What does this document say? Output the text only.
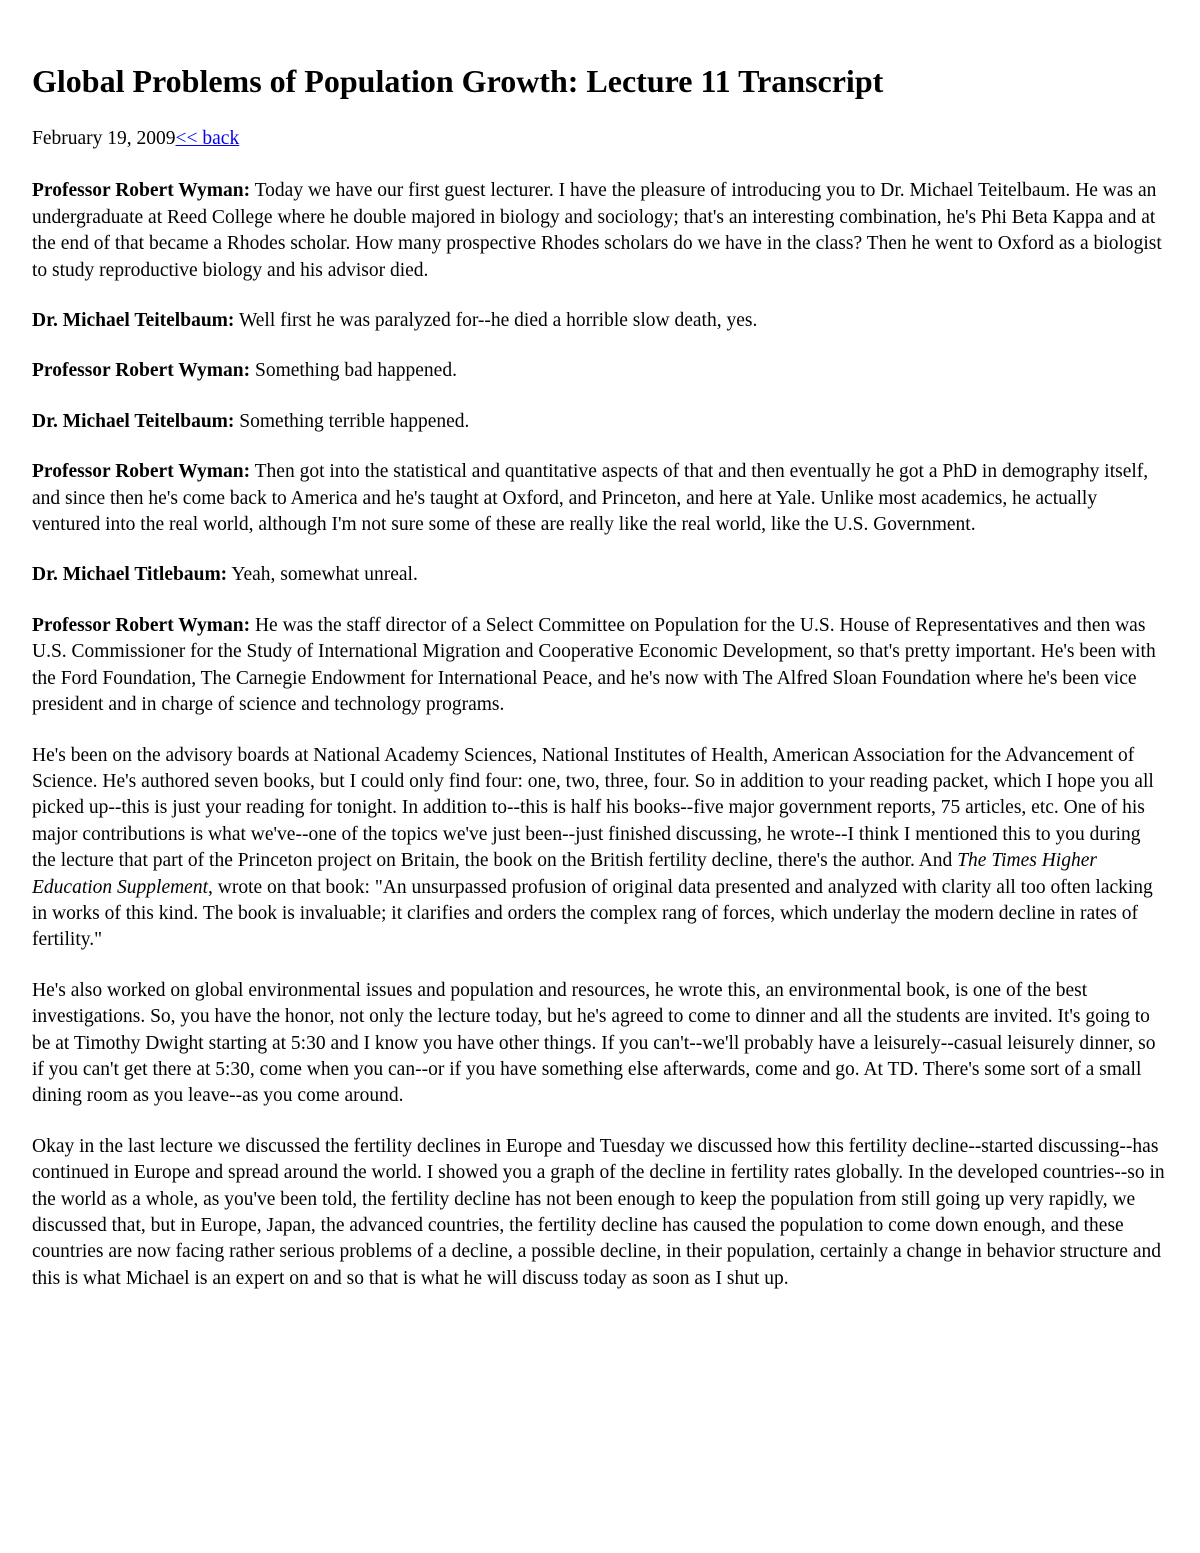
Global Problems of Population Growth: Lecture 11 Transcript

February 19, 2009<< back

Professor Robert Wyman: Today we have our first guest lecturer. I have the pleasure of introducing you to Dr. Michael Teitelbaum. He was an undergraduate at Reed College where he double majored in biology and sociology; that's an interesting combination, he's Phi Beta Kappa and at the end of that became a Rhodes scholar. How many prospective Rhodes scholars do we have in the class? Then he went to Oxford as a biologist to study reproductive biology and his advisor died.

Dr. Michael Teitelbaum: Well first he was paralyzed for--he died a horrible slow death, yes.

Professor Robert Wyman: Something bad happened.

Dr. Michael Teitelbaum: Something terrible happened.

Professor Robert Wyman: Then got into the statistical and quantitative aspects of that and then eventually he got a PhD in demography itself, and since then he's come back to America and he's taught at Oxford, and Princeton, and here at Yale. Unlike most academics, he actually ventured into the real world, although I'm not sure some of these are really like the real world, like the U.S. Government.

Dr. Michael Titlebaum: Yeah, somewhat unreal.

Professor Robert Wyman: He was the staff director of a Select Committee on Population for the U.S. House of Representatives and then was U.S. Commissioner for the Study of International Migration and Cooperative Economic Development, so that's pretty important. He's been with the Ford Foundation, The Carnegie Endowment for International Peace, and he's now with The Alfred Sloan Foundation where he's been vice president and in charge of science and technology programs.

He's been on the advisory boards at National Academy Sciences, National Institutes of Health, American Association for the Advancement of Science. He's authored seven books, but I could only find four: one, two, three, four. So in addition to your reading packet, which I hope you all picked up--this is just your reading for tonight. In addition to--this is half his books--five major government reports, 75 articles, etc. One of his major contributions is what we've--one of the topics we've just been--just finished discussing, he wrote--I think I mentioned this to you during the lecture that part of the Princeton project on Britain, the book on the British fertility decline, there's the author. And The Times Higher Education Supplement, wrote on that book: "An unsurpassed profusion of original data presented and analyzed with clarity all too often lacking in works of this kind. The book is invaluable; it clarifies and orders the complex rang of forces, which underlay the modern decline in rates of fertility."

He's also worked on global environmental issues and population and resources, he wrote this, an environmental book, is one of the best investigations. So, you have the honor, not only the lecture today, but he's agreed to come to dinner and all the students are invited. It's going to be at Timothy Dwight starting at 5:30 and I know you have other things. If you can't--we'll probably have a leisurely--casual leisurely dinner, so if you can't get there at 5:30, come when you can--or if you have something else afterwards, come and go. At TD. There's some sort of a small dining room as you leave--as you come around.

Okay in the last lecture we discussed the fertility declines in Europe and Tuesday we discussed how this fertility decline--started discussing--has continued in Europe and spread around the world. I showed you a graph of the decline in fertility rates globally. In the developed countries--so in the world as a whole, as you've been told, the fertility decline has not been enough to keep the population from still going up very rapidly, we discussed that, but in Europe, Japan, the advanced countries, the fertility decline has caused the population to come down enough, and these countries are now facing rather serious problems of a decline, a possible decline, in their population, certainly a change in behavior structure and this is what Michael is an expert on and so that is what he will discuss today as soon as I shut up.
